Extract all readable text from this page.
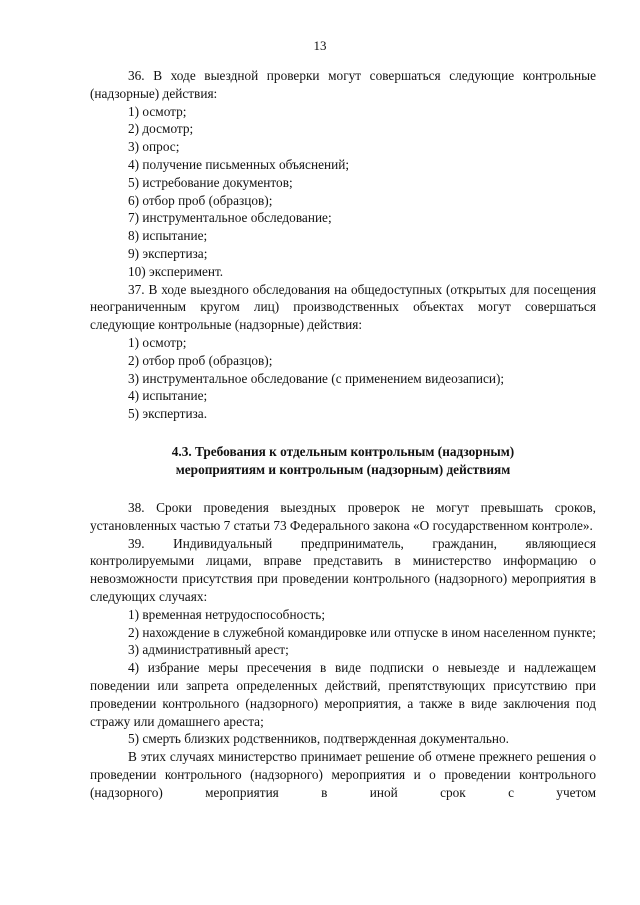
13

36. В ходе выездной проверки могут совершаться следующие контрольные (надзорные) действия:

1) осмотр;

2) досмотр;

3) опрос;

4) получение письменных объяснений;

5) истребование документов;

6) отбор проб (образцов);

7) инструментальное обследование;

8) испытание;

9) экспертиза;

10) эксперимент.

37. В ходе выездного обследования на общедоступных (открытых для посещения неограниченным кругом лиц) производственных объектах могут совершаться следующие контрольные (надзорные) действия:

1) осмотр;

2) отбор проб (образцов);

3) инструментальное обследование (с применением видеозаписи);

4) испытание;

5) экспертиза.

4.3. Требования к отдельным контрольным (надзорным)
мероприятиям и контрольным (надзорным) действиям

38. Сроки проведения выездных проверок не могут превышать сроков, установленных частью 7 статьи 73 Федерального закона «О государственном контроле».

39. Индивидуальный предприниматель, гражданин, являющиеся контролируемыми лицами, вправе представить в министерство информацию о невозможности присутствия при проведении контрольного (надзорного) мероприятия в следующих случаях:

1) временная нетрудоспособность;

2) нахождение в служебной командировке или отпуске в ином населенном пункте;

3) административный арест;

4) избрание меры пресечения в виде подписки о невыезде и надлежащем поведении или запрета определенных действий, препятствующих присутствию при проведении контрольного (надзорного) мероприятия, а также в виде заключения под стражу или домашнего ареста;

5) смерть близких родственников, подтвержденная документально.

В этих случаях министерство принимает решение об отмене прежнего решения о проведении контрольного (надзорного) мероприятия и о проведении контрольного (надзорного) мероприятия в иной срок с учетом
